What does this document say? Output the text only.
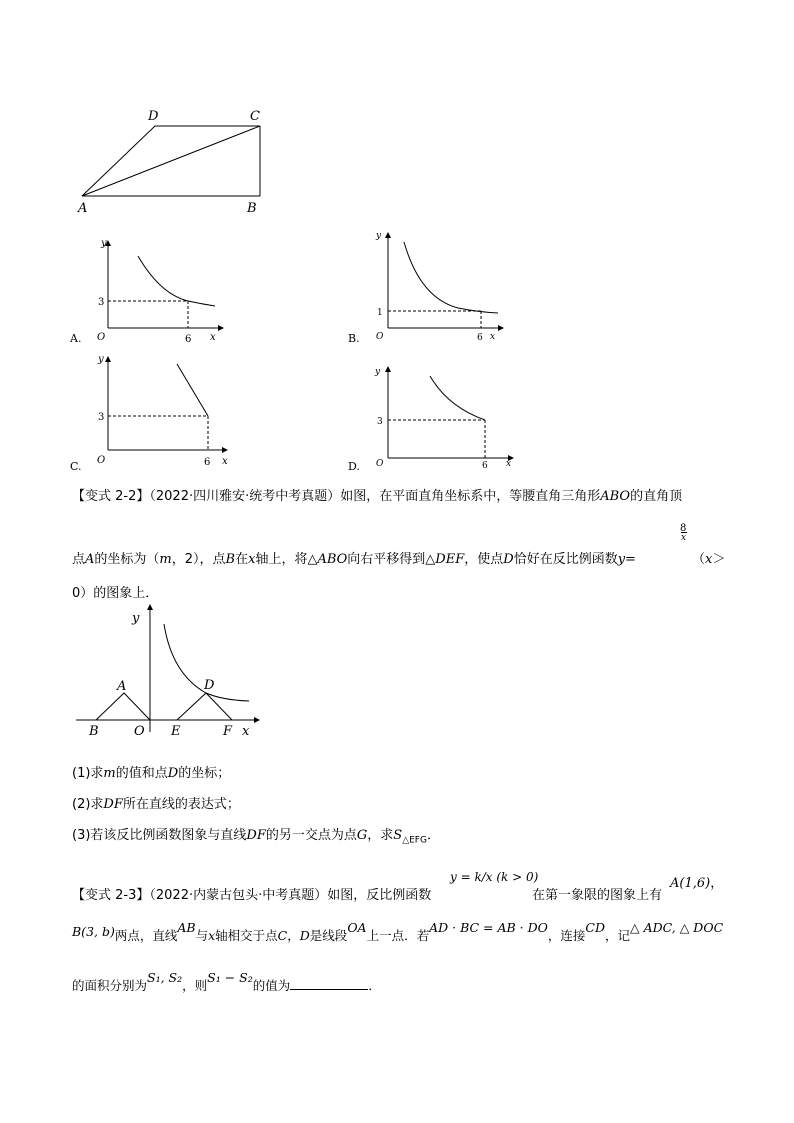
D	C
A	B
A.
y
x
O
3
6	B.
y
x
O
1
6
C.
y
x
O
3
6	D.
y
x
O
3
6
【变式 2-2】（2022·四川雅安·统考中考真题）如图，在平面直角坐标系中，等腰直角三角形ABO的直角顶
点A的坐标为（m，2），点B在x轴上，将△ABO向右平移得到△DEF，使点D恰好在反比例函数y=
8
x
（x＞
0）的图象上．
y
x
A	D
B	O E	F
(1)求m的值和点D的坐标；
(2)求DF所在直线的表达式；
(3)若该反比例函数图象与直线DF的另一交点为点G，求$S_{\triangle EFG}$．
【变式 2-3】（2022·内蒙古包头·中考真题）如图，反比例函数
y = k/x (k > 0)
在第一象限的图象上有
A(1,6)，
B(3, b)两点，直线AB与x轴相交于点C，D是线段OA上一点．若AD · BC = AB · DO，连接CD，记△ ADC, △ DOC
的面积分别为S₁, S₂，则S₁ − S₂的值为	．
